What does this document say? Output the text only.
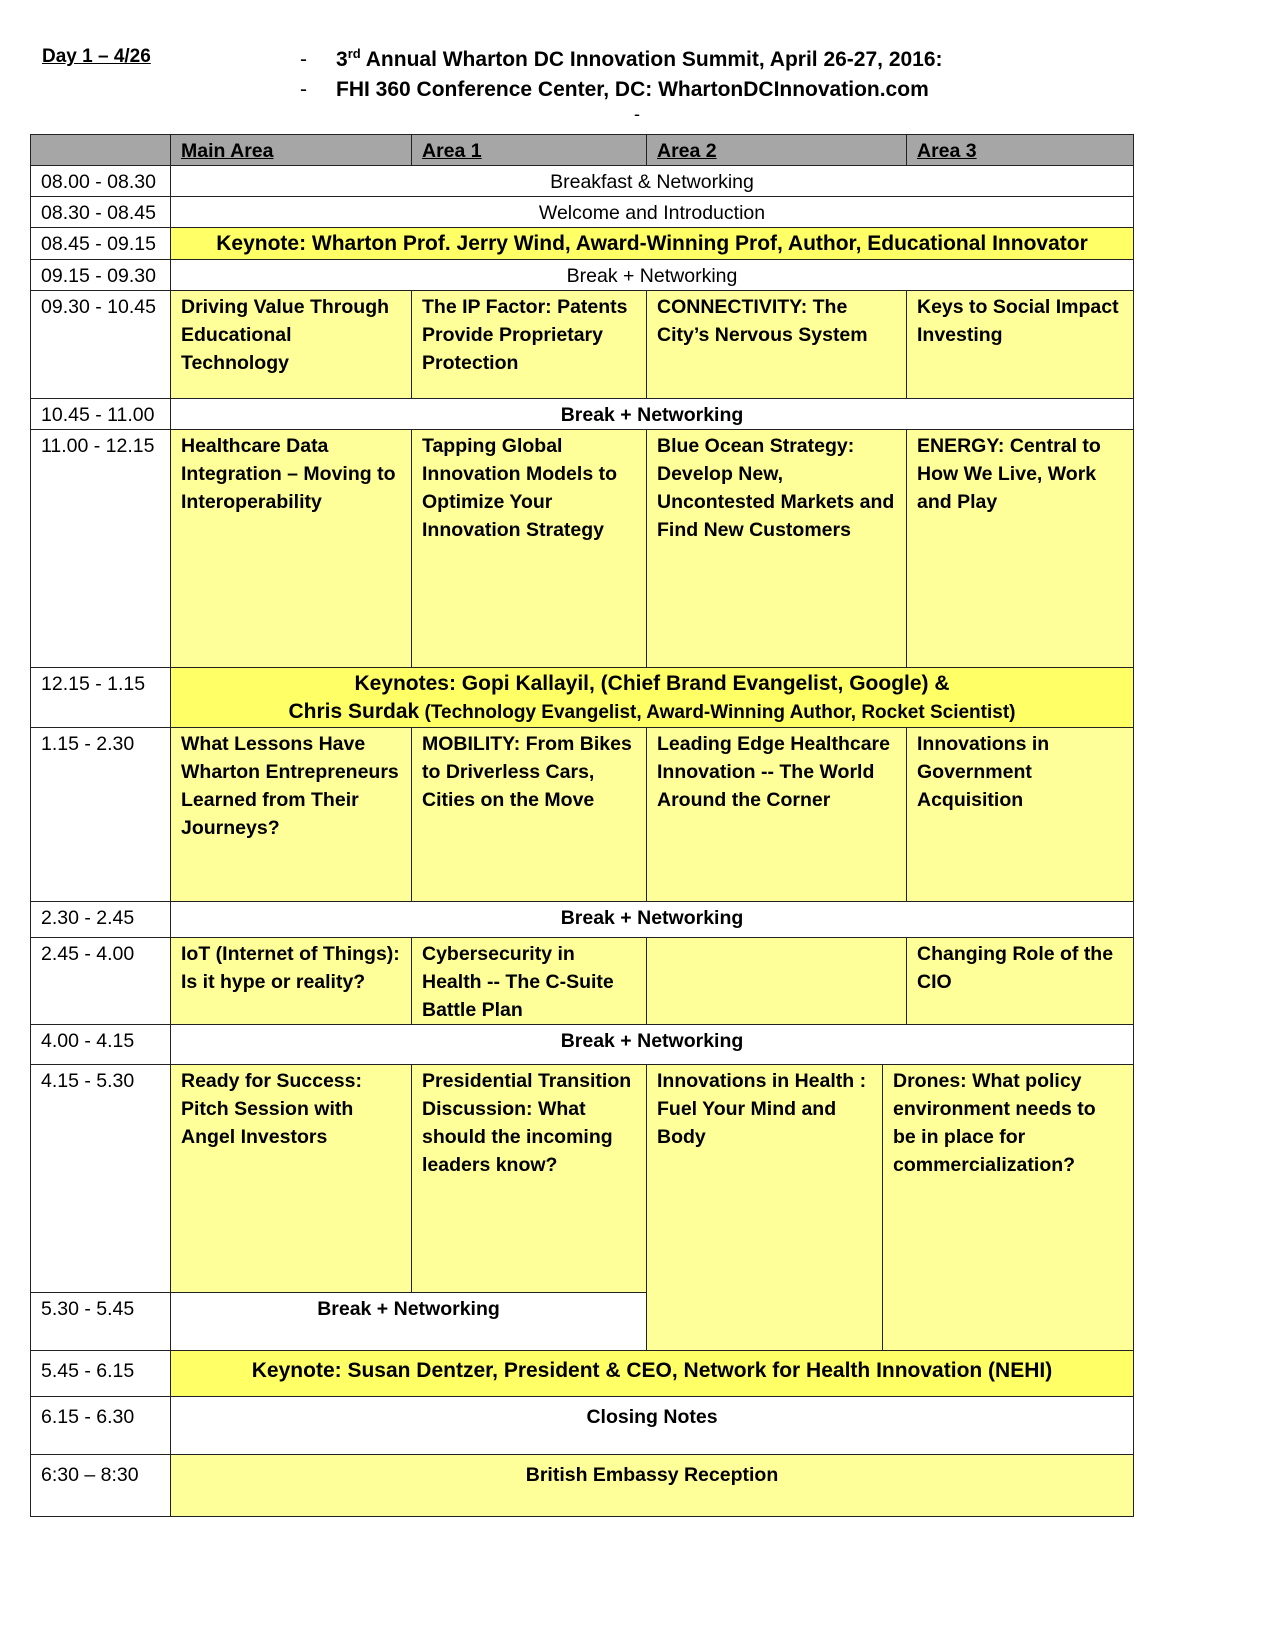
Day 1 – 4/26	- 3rd Annual Wharton DC Innovation Summit, April 26-27, 2016:
- FHI 360 Conference Center, DC: WhartonDCInnovation.com
-
	Main Area	Area 1	Area 2		Area 3
08.00 - 08.30	Breakfast & Networking				
08.30 - 08.45	Welcome and Introduction				
08.45 - 09.15	Keynote: Wharton Prof. Jerry Wind, Award-Winning Prof, Author, Educational Innovator				
09.15 - 09.30	Break + Networking				
09.30 - 10.45	Driving Value Through Educational Technology	The IP Factor: Patents Provide Proprietary Protection	CONNECTIVITY: The City’s Nervous System		Keys to Social Impact Investing
10.45 - 11.00	Break + Networking				
11.00 - 12.15	Healthcare Data Integration – Moving to Interoperability	Tapping Global Innovation Models to Optimize Your Innovation Strategy	Blue Ocean Strategy: Develop New, Uncontested Markets and Find New Customers		ENERGY: Central to How We Live, Work and Play
12.15 - 1.15	Keynotes: Gopi Kallayil, (Chief Brand Evangelist, Google) &
Chris Surdak (Technology Evangelist, Award-Winning Author, Rocket Scientist)				

1.15 - 2.30	What Lessons Have Wharton Entrepreneurs Learned from Their Journeys?	MOBILITY: From Bikes to Driverless Cars, Cities on the Move	Leading Edge Healthcare Innovation -- The World Around the Corner		Innovations in Government Acquisition
2.30 - 2.45	Break + Networking				
2.45 - 4.00	IoT (Internet of Things): Is it hype or reality?	Cybersecurity in Health -- The C-Suite Battle Plan			Changing Role of the CIO
4.00 - 4.15	Break + Networking				
4.15 - 5.30	Ready for Success: Pitch Session with Angel Investors	Presidential Transition Discussion: What should the incoming leaders know?	Innovations in Health : Fuel Your Mind and Body	Drones: What policy environment needs to be in place for commercialization?	
5.30 - 5.45	Break + Networking				
5.45 - 6.15	Keynote: Susan Dentzer, President & CEO, Network for Health Innovation (NEHI)				
6.15 - 6.30	Closing Notes				
6:30 – 8:30	British Embassy Reception				
